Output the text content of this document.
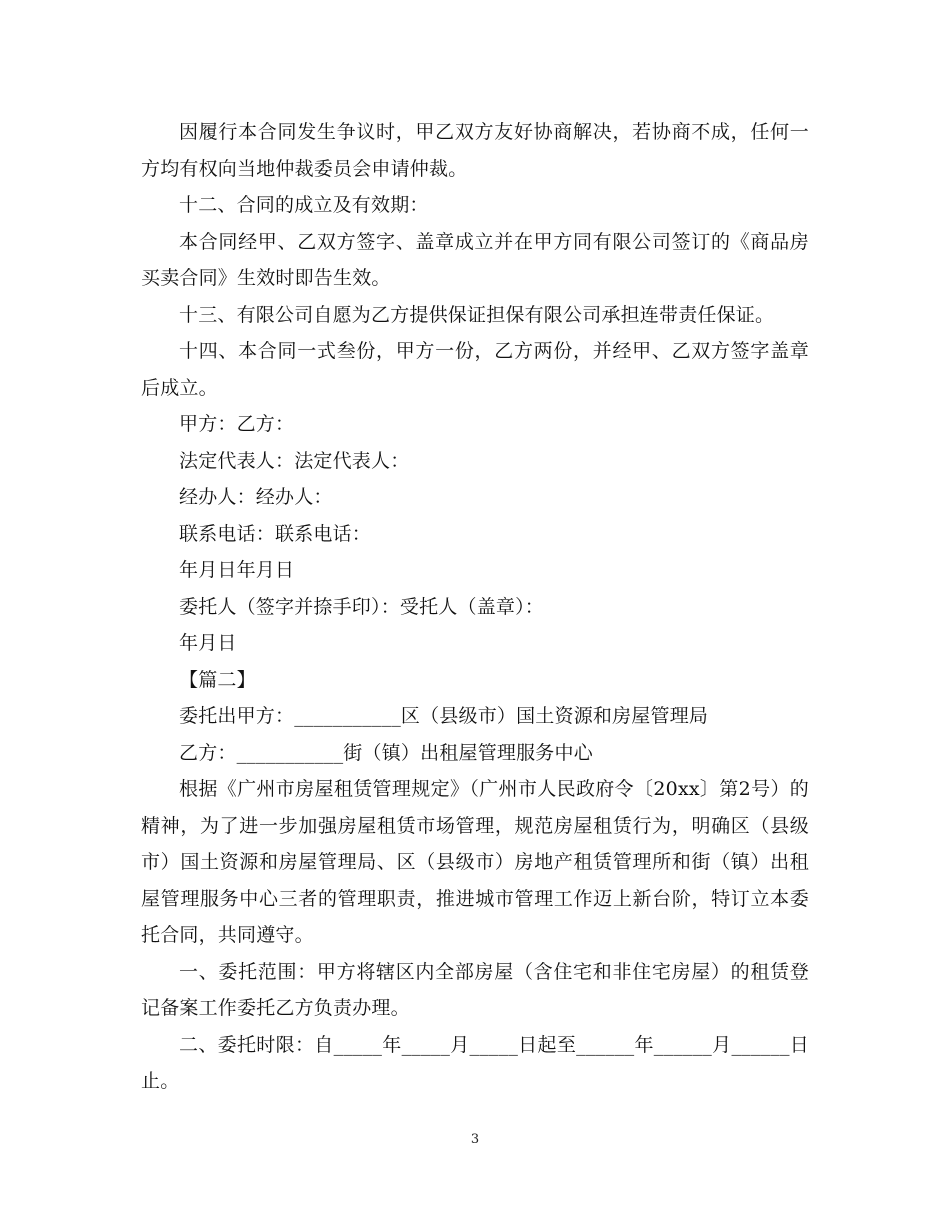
因履行本合同发生争议时，甲乙双方友好协商解决，若协商不成，任何一方均有权向当地仲裁委员会申请仲裁。

十二、合同的成立及有效期：

本合同经甲、乙双方签字、盖章成立并在甲方同有限公司签订的《商品房买卖合同》生效时即告生效。

十三、有限公司自愿为乙方提供保证担保有限公司承担连带责任保证。

十四、本合同一式叁份，甲方一份，乙方两份，并经甲、乙双方签字盖章后成立。

甲方：乙方：

法定代表人：法定代表人：

经办人：经办人：

联系电话：联系电话：

年月日年月日

委托人（签字并捺手印）：受托人（盖章）：

年月日

【篇二】

委托出甲方：___________区（县级市）国土资源和房屋管理局

乙方：___________街（镇）出租屋管理服务中心

根据《广州市房屋租赁管理规定》（广州市人民政府令〔20xx〕第2号）的精神，为了进一步加强房屋租赁市场管理，规范房屋租赁行为，明确区（县级市）国土资源和房屋管理局、区（县级市）房地产租赁管理所和街（镇）出租屋管理服务中心三者的管理职责，推进城市管理工作迈上新台阶，特订立本委托合同，共同遵守。

一、委托范围：甲方将辖区内全部房屋（含住宅和非住宅房屋）的租赁登记备案工作委托乙方负责办理。

二、委托时限：自_____年_____月_____日起至______年______月______日止。

3
